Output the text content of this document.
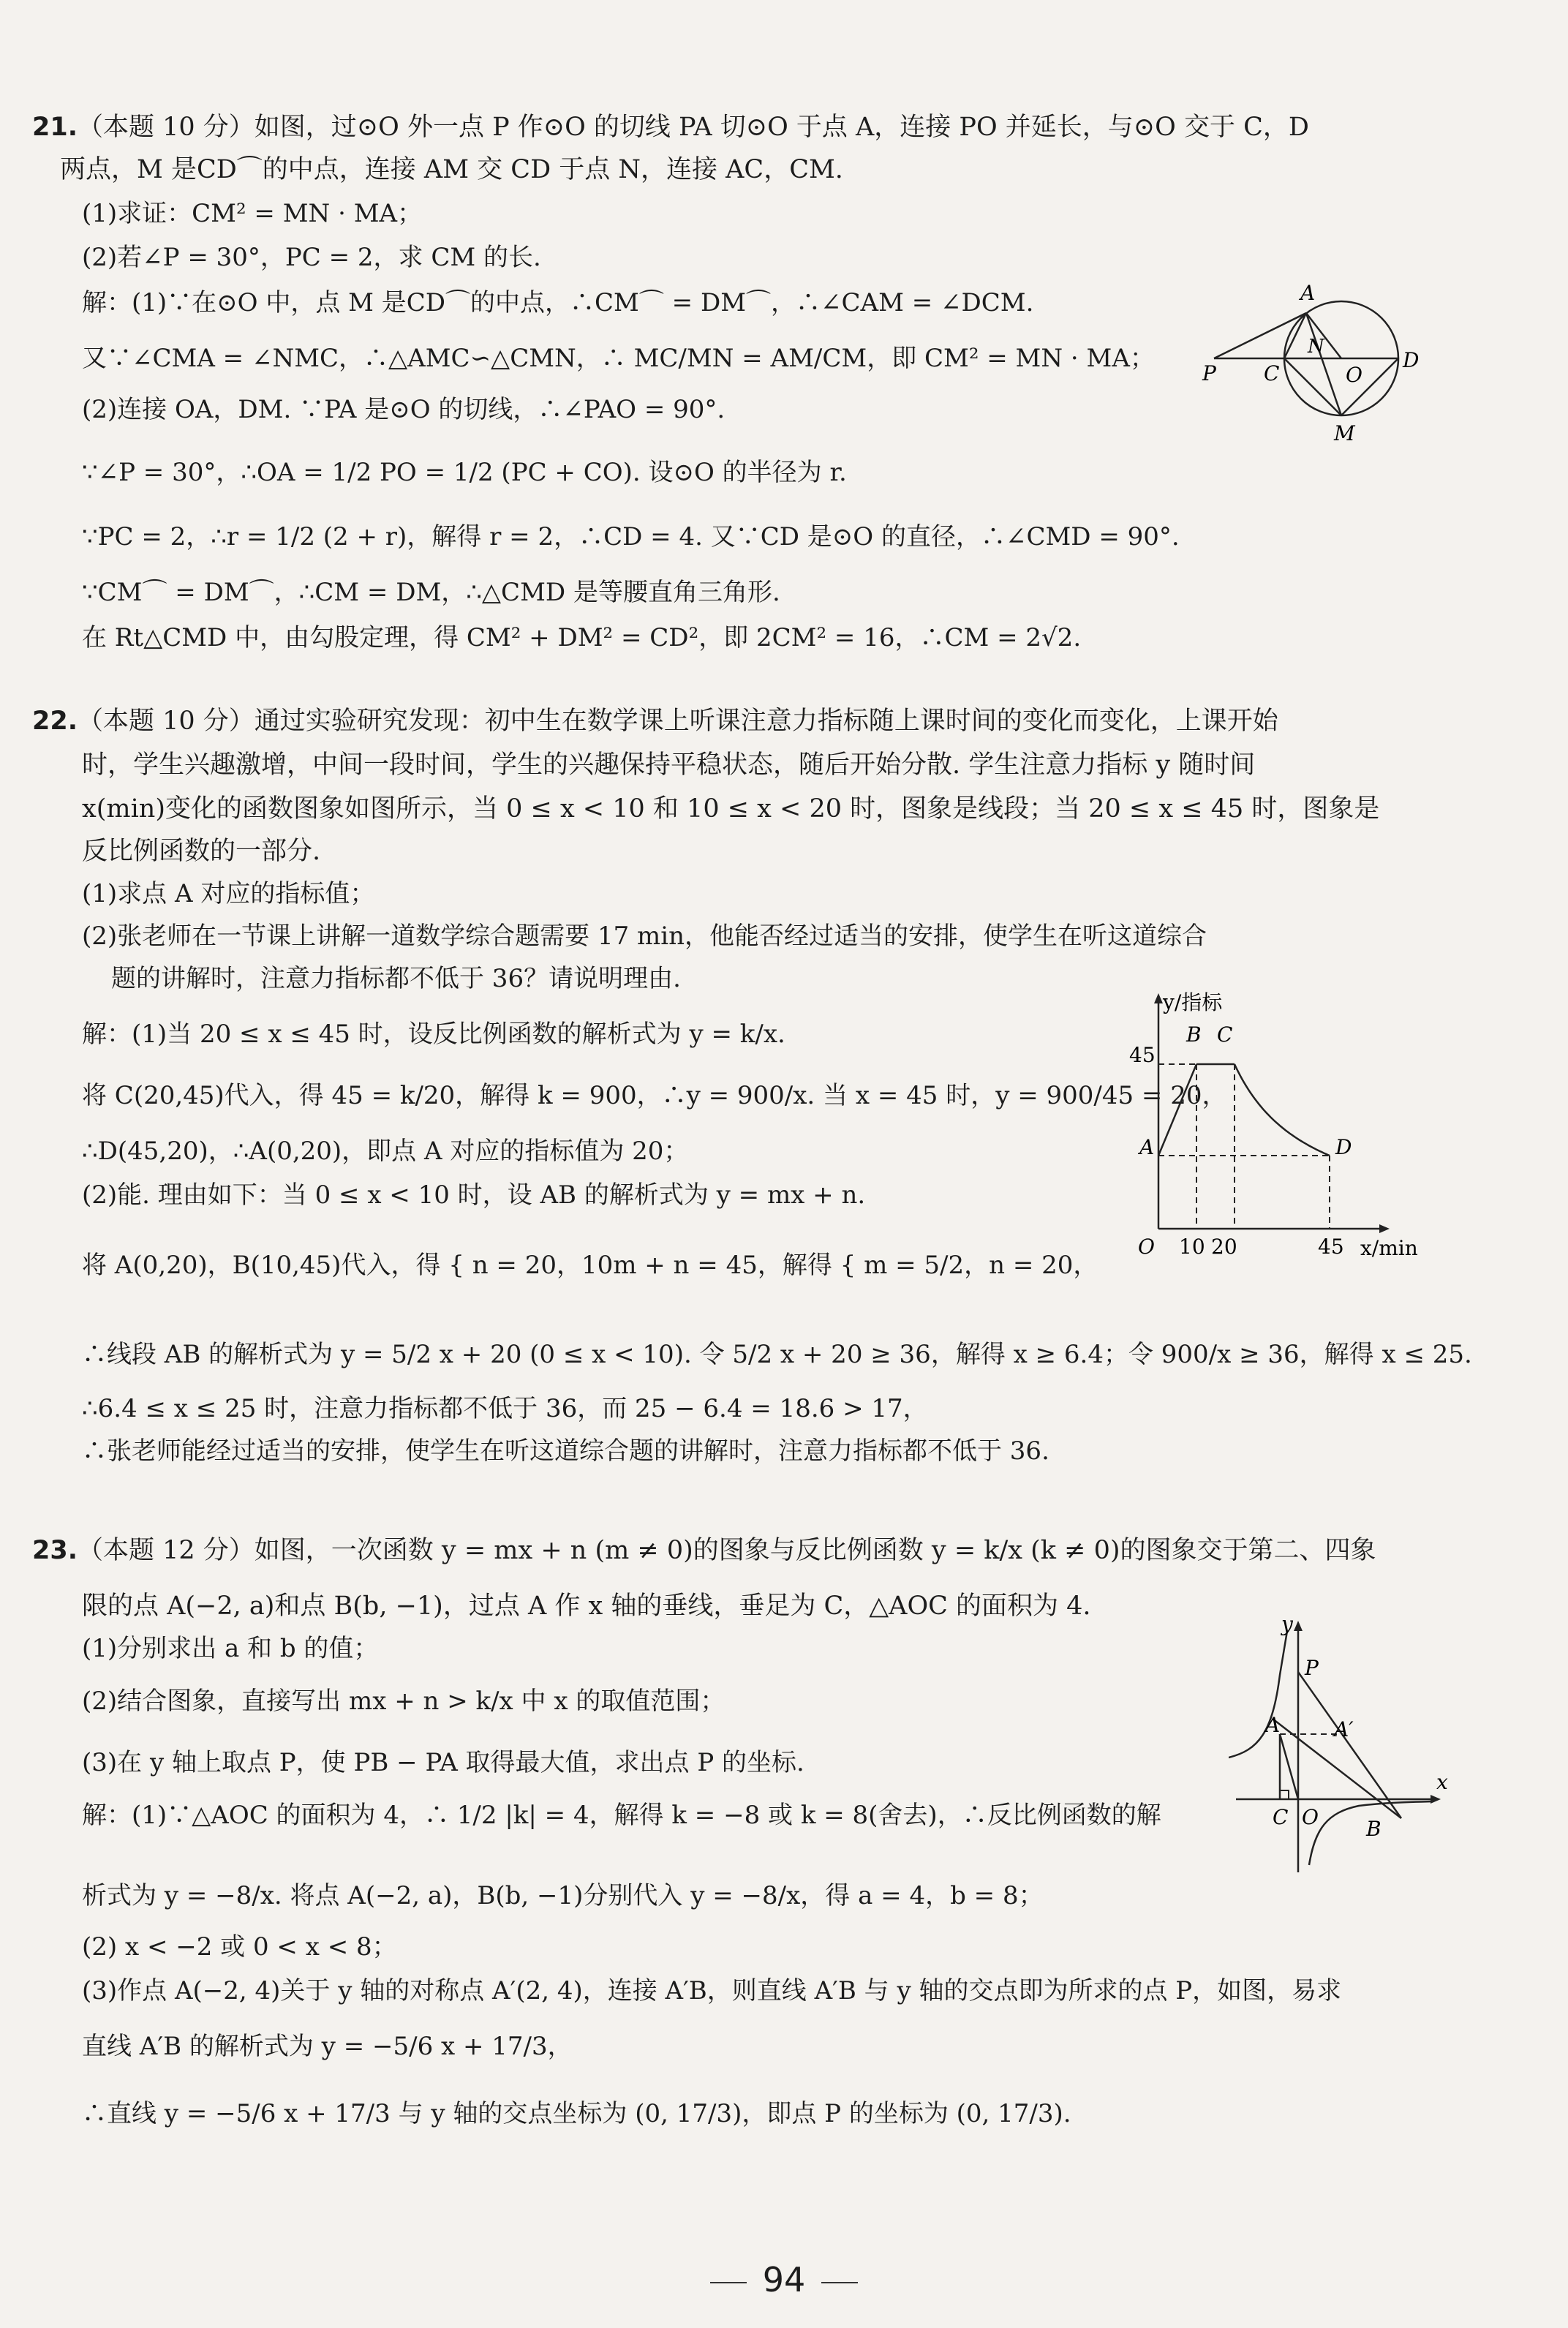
21.（本题 10 分）如图，过⊙O 外一点 P 作⊙O 的切线 PA 切⊙O 于点 A，连接 PO 并延长，与⊙O 交于 C，D
两点，M 是CD⌒的中点，连接 AM 交 CD 于点 N，连接 AC，CM.
(1)求证：CM² = MN · MA；
(2)若∠P = 30°，PC = 2，求 CM 的长.
解：(1)∵在⊙O 中，点 M 是CD⌒的中点，∴CM⌒ = DM⌒，∴∠CAM = ∠DCM.
又∵∠CMA = ∠NMC，∴△AMC∽△CMN，∴ MC/MN = AM/CM，即 CM² = MN · MA；
(2)连接 OA，DM. ∵PA 是⊙O 的切线，∴∠PAO = 90°.
∵∠P = 30°，∴OA = 1/2 PO = 1/2 (PC + CO). 设⊙O 的半径为 r.
∵PC = 2，∴r = 1/2 (2 + r)，解得 r = 2，∴CD = 4. 又∵CD 是⊙O 的直径，∴∠CMD = 90°.
∵CM⌒ = DM⌒，∴CM = DM，∴△CMD 是等腰直角三角形.
在 Rt△CMD 中，由勾股定理，得 CM² + DM² = CD²，即 2CM² = 16，∴CM = 2√2.
A
P C
N
O
D
M
22.（本题 10 分）通过实验研究发现：初中生在数学课上听课注意力指标随上课时间的变化而变化，上课开始
时，学生兴趣激增，中间一段时间，学生的兴趣保持平稳状态，随后开始分散. 学生注意力指标 y 随时间
x(min)变化的函数图象如图所示，当 0 ≤ x < 10 和 10 ≤ x < 20 时，图象是线段；当 20 ≤ x ≤ 45 时，图象是
反比例函数的一部分.
(1)求点 A 对应的指标值；
(2)张老师在一节课上讲解一道数学综合题需要 17 min，他能否经过适当的安排，使学生在听这道综合
题的讲解时，注意力指标都不低于 36？请说明理由.
解：(1)当 20 ≤ x ≤ 45 时，设反比例函数的解析式为 y = k/x.
将 C(20,45)代入，得 45 = k/20，解得 k = 900，∴y = 900/x. 当 x = 45 时，y = 900/45 = 20，
∴D(45,20)，∴A(0,20)，即点 A 对应的指标值为 20；
(2)能. 理由如下：当 0 ≤ x < 10 时，设 AB 的解析式为 y = mx + n.
将 A(0,20)，B(10,45)代入，得 { n = 20，10m + n = 45，解得 { m = 5/2，n = 20，
∴线段 AB 的解析式为 y = 5/2 x + 20 (0 ≤ x < 10). 令 5/2 x + 20 ≥ 36，解得 x ≥ 6.4；令 900/x ≥ 36，解得 x ≤ 25.
∴6.4 ≤ x ≤ 25 时，注意力指标都不低于 36，而 25 − 6.4 = 18.6 > 17，
∴张老师能经过适当的安排，使学生在听这道综合题的讲解时，注意力指标都不低于 36.
y/指标
x/min
O 10 20	45
45
A
B C
D
23.（本题 12 分）如图，一次函数 y = mx + n (m ≠ 0)的图象与反比例函数 y = k/x (k ≠ 0)的图象交于第二、四象
限的点 A(−2, a)和点 B(b, −1)，过点 A 作 x 轴的垂线，垂足为 C，△AOC 的面积为 4.
(1)分别求出 a 和 b 的值；
(2)结合图象，直接写出 mx + n > k/x 中 x 的取值范围；
(3)在 y 轴上取点 P，使 PB − PA 取得最大值，求出点 P 的坐标.
解：(1)∵△AOC 的面积为 4，∴ 1/2 |k| = 4，解得 k = −8 或 k = 8(舍去)，∴反比例函数的解
析式为 y = −8/x. 将点 A(−2, a)，B(b, −1)分别代入 y = −8/x，得 a = 4，b = 8；
(2) x < −2 或 0 < x < 8；
(3)作点 A(−2, 4)关于 y 轴的对称点 A′(2, 4)，连接 A′B，则直线 A′B 与 y 轴的交点即为所求的点 P，如图，易求
直线 A′B 的解析式为 y = −5/6 x + 17/3，
∴直线 y = −5/6 x + 17/3 与 y 轴的交点坐标为 (0, 17/3)，即点 P 的坐标为 (0, 17/3).
y
x
P
A	A′
C O B
94
